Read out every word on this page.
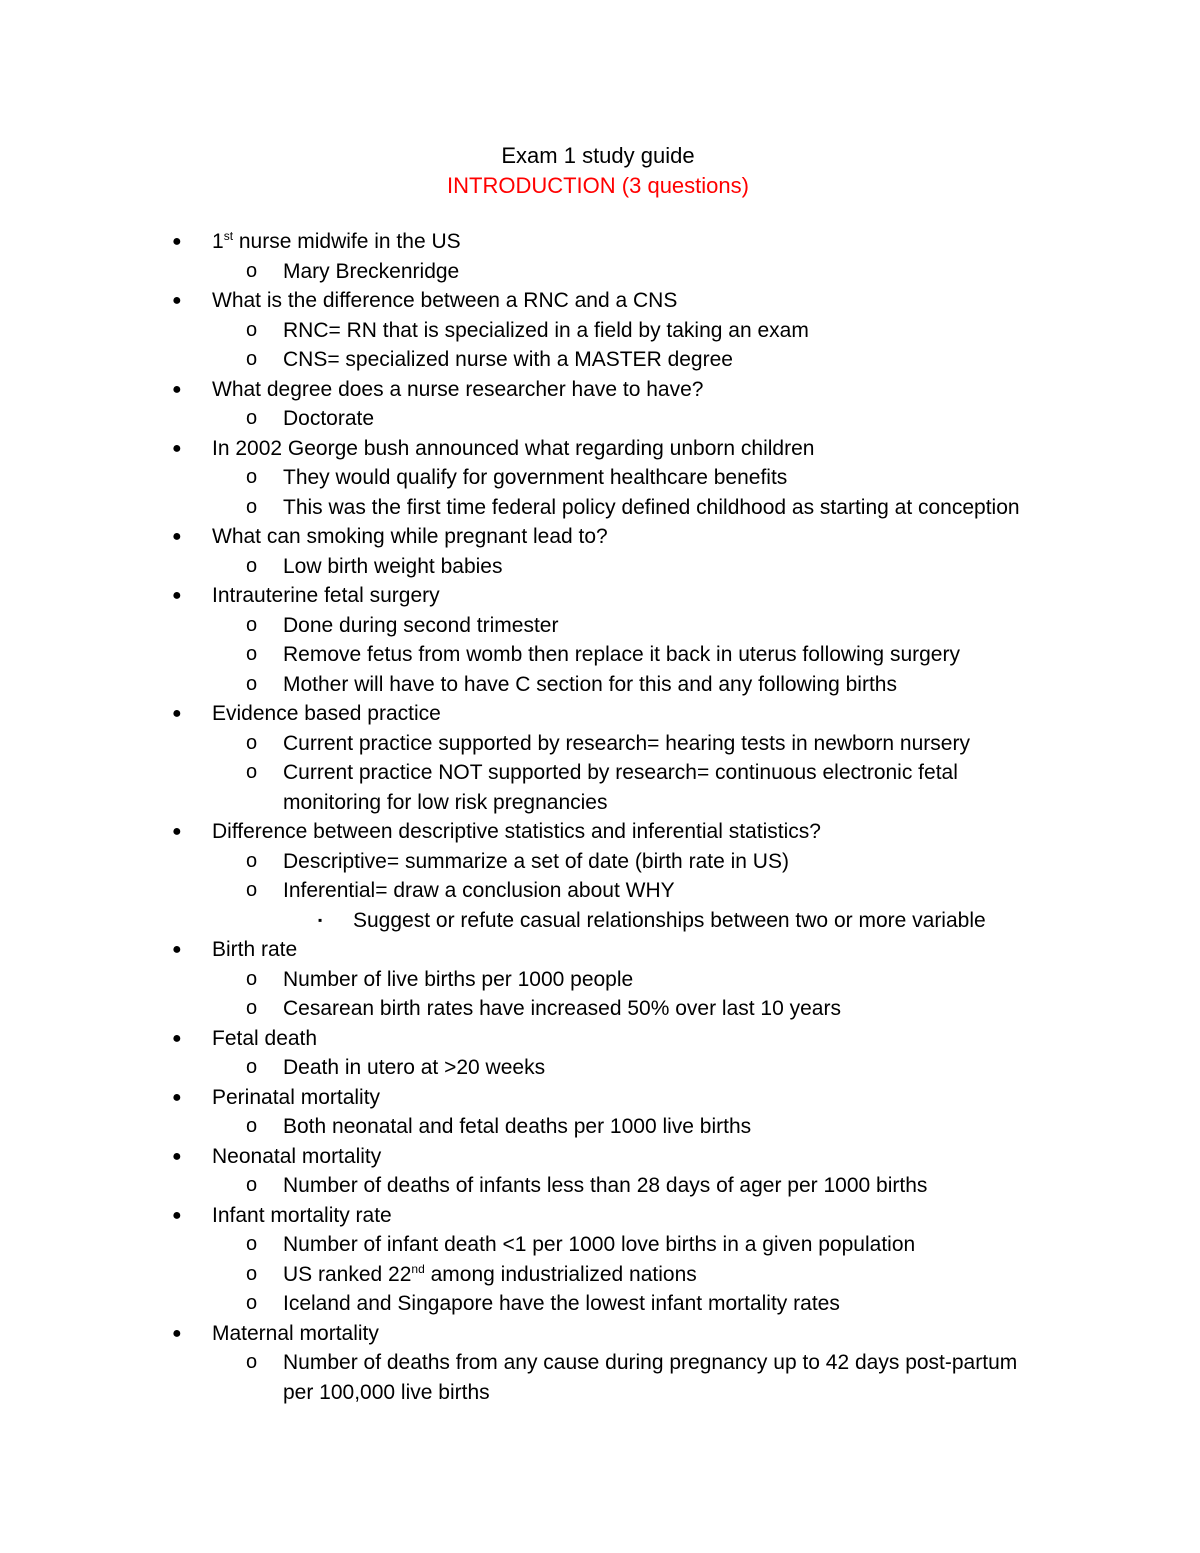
Exam 1 study guide
INTRODUCTION (3 questions)
● 1st nurse midwife in the US
o Mary Breckenridge
● What is the difference between a RNC and a CNS
o RNC= RN that is specialized in a field by taking an exam
o CNS= specialized nurse with a MASTER degree
● What degree does a nurse researcher have to have?
o Doctorate
● In 2002 George bush announced what regarding unborn children
o They would qualify for government healthcare benefits
o This was the first time federal policy defined childhood as starting at conception
● What can smoking while pregnant lead to?
o Low birth weight babies
● Intrauterine fetal surgery
o Done during second trimester
o Remove fetus from womb then replace it back in uterus following surgery
o Mother will have to have C section for this and any following births
● Evidence based practice
o Current practice supported by research= hearing tests in newborn nursery
o Current practice NOT supported by research= continuous electronic fetal
monitoring for low risk pregnancies
● Difference between descriptive statistics and inferential statistics?
o Descriptive= summarize a set of date (birth rate in US)
o Inferential= draw a conclusion about WHY
▪ Suggest or refute casual relationships between two or more variable
● Birth rate
o Number of live births per 1000 people
o Cesarean birth rates have increased 50% over last 10 years
● Fetal death
o Death in utero at >20 weeks
● Perinatal mortality
o Both neonatal and fetal deaths per 1000 live births
● Neonatal mortality
o Number of deaths of infants less than 28 days of ager per 1000 births
● Infant mortality rate
o Number of infant death <1 per 1000 love births in a given population
o US ranked 22nd among industrialized nations
o Iceland and Singapore have the lowest infant mortality rates
● Maternal mortality
o Number of deaths from any cause during pregnancy up to 42 days post-partum
per 100,000 live births
